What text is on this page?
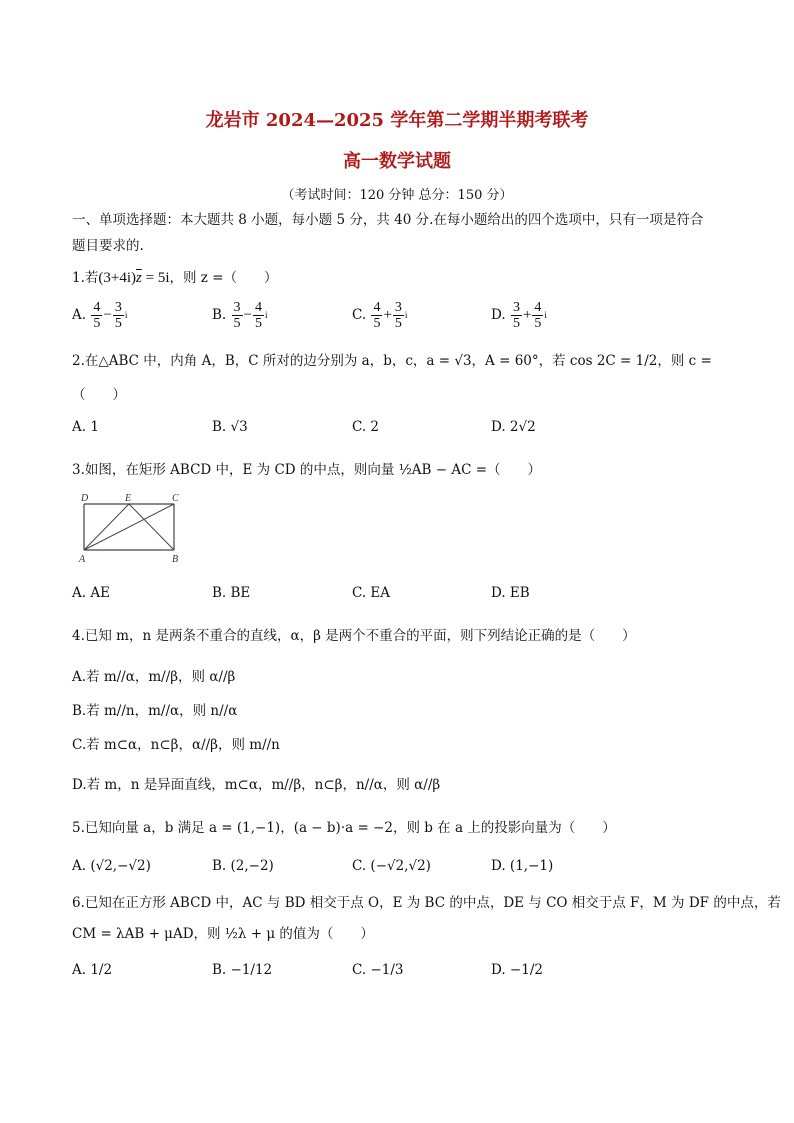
龙岩市 2024—2025 学年第二学期半期考联考
高一数学试题
（考试时间：120 分钟 总分：150 分）
一、单项选择题：本大题共 8 小题，每小题 5 分，共 40 分.在每小题给出的四个选项中，只有一项是符合
题目要求的.
1.若$(3+4i)\overline{z} = 5i$，则 z =（　　）
A. $\frac{4}{5} - \frac{3}{5}$ i	B. $\frac{3}{5} - \frac{4}{5}$ i	C. $\frac{4}{5} + \frac{3}{5}$ i	D. $\frac{3}{5} + \frac{4}{5}$ i
2.在△ABC 中，内角 A，B，C 所对的边分别为 a，b，c，a = √3，A = 60°，若 cos 2C = 1/2，则 c =
（　　）
A. 1	B. √3	C. 2	D. 2√2
3.如图，在矩形 ABCD 中，E 为 CD 的中点，则向量 ½AB − AC =（　　）
D	E	C
A	B
A. AE	B. BE	C. EA	D. EB
4.已知 m，n 是两条不重合的直线，α，β 是两个不重合的平面，则下列结论正确的是（　　）
A.若 m//α，m//β，则 α//β
B.若 m//n，m//α，则 n//α
C.若 m⊂α，n⊂β，α//β，则 m//n
D.若 m，n 是异面直线，m⊂α，m//β，n⊂β，n//α，则 α//β
5.已知向量 a，b 满足 a = (1,−1)，(a − b)·a = −2，则 b 在 a 上的投影向量为（　　）
A. (√2,−√2)	B. (2,−2)	C. (−√2,√2)	D. (1,−1)
6.已知在正方形 ABCD 中，AC 与 BD 相交于点 O，E 为 BC 的中点，DE 与 CO 相交于点 F，M 为 DF 的中点，若
CM = λAB + μAD，则 ½λ + μ 的值为（　　）
A. 1/2	B. −1/12	C. −1/3	D. −1/2
